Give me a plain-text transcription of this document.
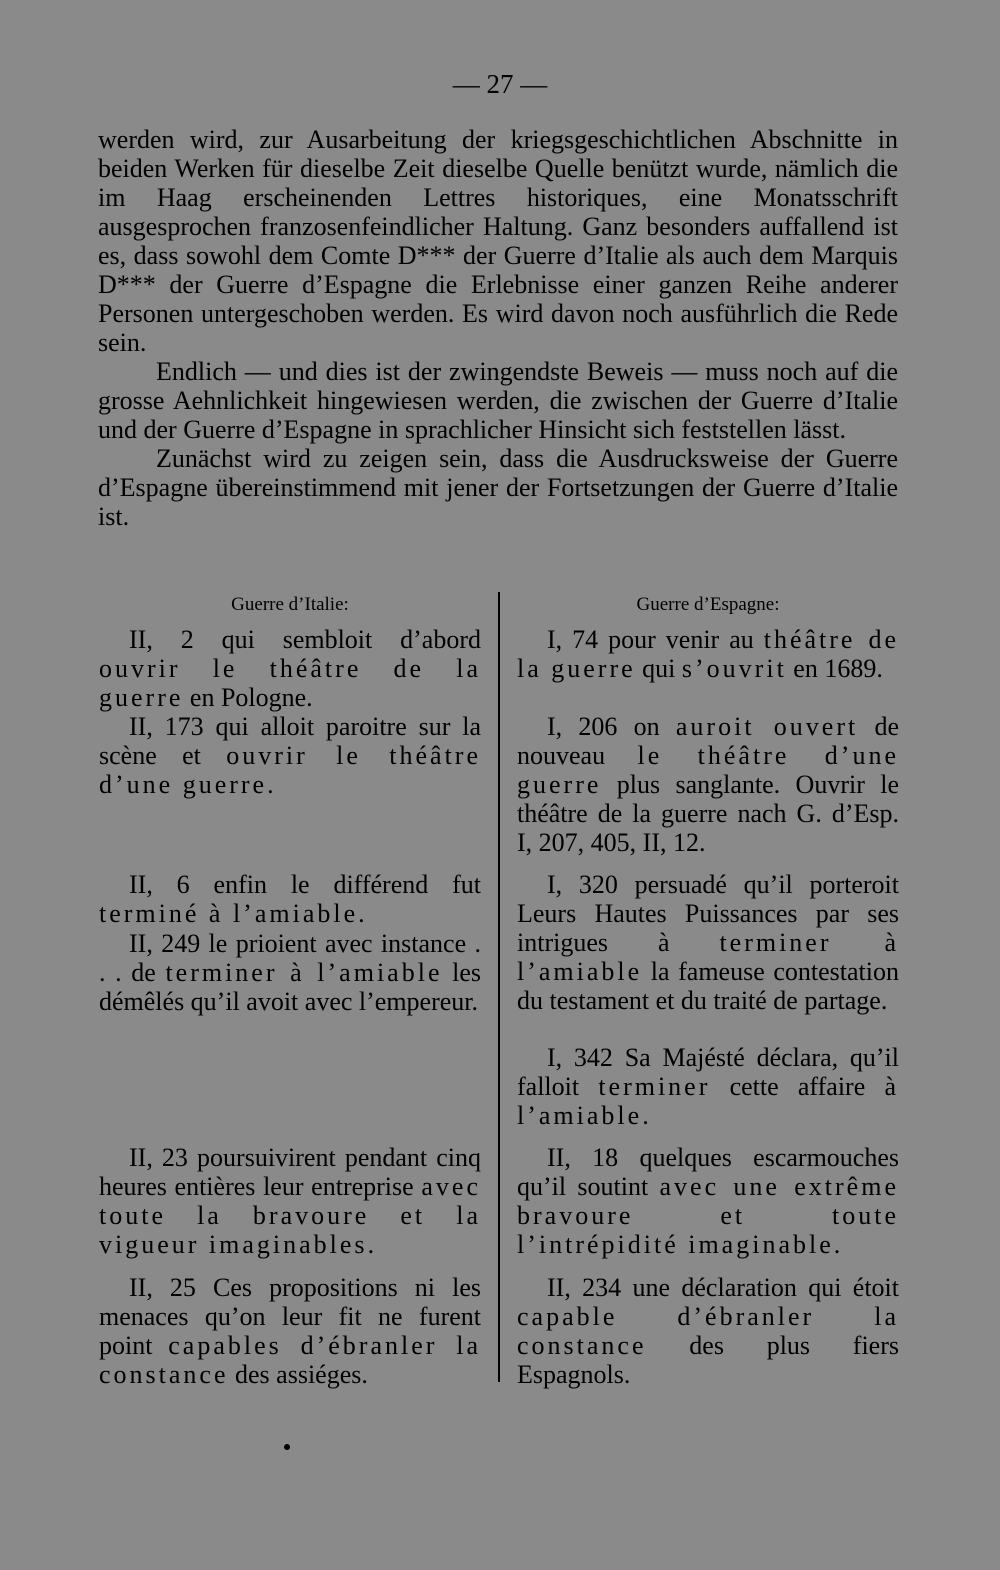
— 27 —

werden wird, zur Ausarbeitung der kriegsgeschichtlichen Abschnitte in beiden Werken für dieselbe Zeit dieselbe Quelle benützt wurde, nämlich die im Haag erscheinenden Lettres historiques, eine Monatsschrift ausgesprochen franzosenfeindlicher Haltung. Ganz besonders auffallend ist es, dass sowohl dem Comte D*** der Guerre d’Italie als auch dem Marquis D*** der Guerre d’Espagne die Erlebnisse einer ganzen Reihe anderer Personen untergeschoben werden. Es wird davon noch ausführlich die Rede sein.

Endlich — und dies ist der zwingendste Beweis — muss noch auf die grosse Aehnlichkeit hingewiesen werden, die zwischen der Guerre d’Italie und der Guerre d’Espagne in sprachlicher Hinsicht sich feststellen lässt.

Zunächst wird zu zeigen sein, dass die Ausdrucksweise der Guerre d’Espagne übereinstimmend mit jener der Fortsetzungen der Guerre d’Italie ist.

Guerre d’Italie:

II, 2 qui sembloit d’abord ouvrir le théâtre de la guerre en Pologne.

II, 173 qui alloit paroitre sur la scène et ouvrir le théâtre d’une guerre.

II, 6 enfin le différend fut terminé à l’amiable.

II, 249 le prioient avec instance . . . de terminer à l’amiable les démêlés qu’il avoit avec l’empereur.

II, 23 poursuivirent pendant cinq heures entières leur entreprise avec toute la bravoure et la vigueur imaginables.

II, 25 Ces propositions ni les menaces qu’on leur fit ne furent point capables d’ébranler la constance des assiéges.

Guerre d’Espagne:

I, 74 pour venir au théâtre de la guerre qui s’ouvrit en 1689.

I, 206 on auroit ouvert de nouveau le théâtre d’une guerre plus sanglante. Ouvrir le théâtre de la guerre nach G. d’Esp. I, 207, 405, II, 12.

I, 320 persuadé qu’il porteroit Leurs Hautes Puissances par ses intrigues à terminer à l’amiable la fameuse contestation du testament et du traité de partage.

I, 342 Sa Majésté déclara, qu’il falloit terminer cette affaire à l’amiable.

II, 18 quelques escarmouches qu’il soutint avec une extrême bravoure et toute l’intrépidité imaginable.

II, 234 une déclaration qui étoit capable d’ébranler la constance des plus fiers Espagnols.
